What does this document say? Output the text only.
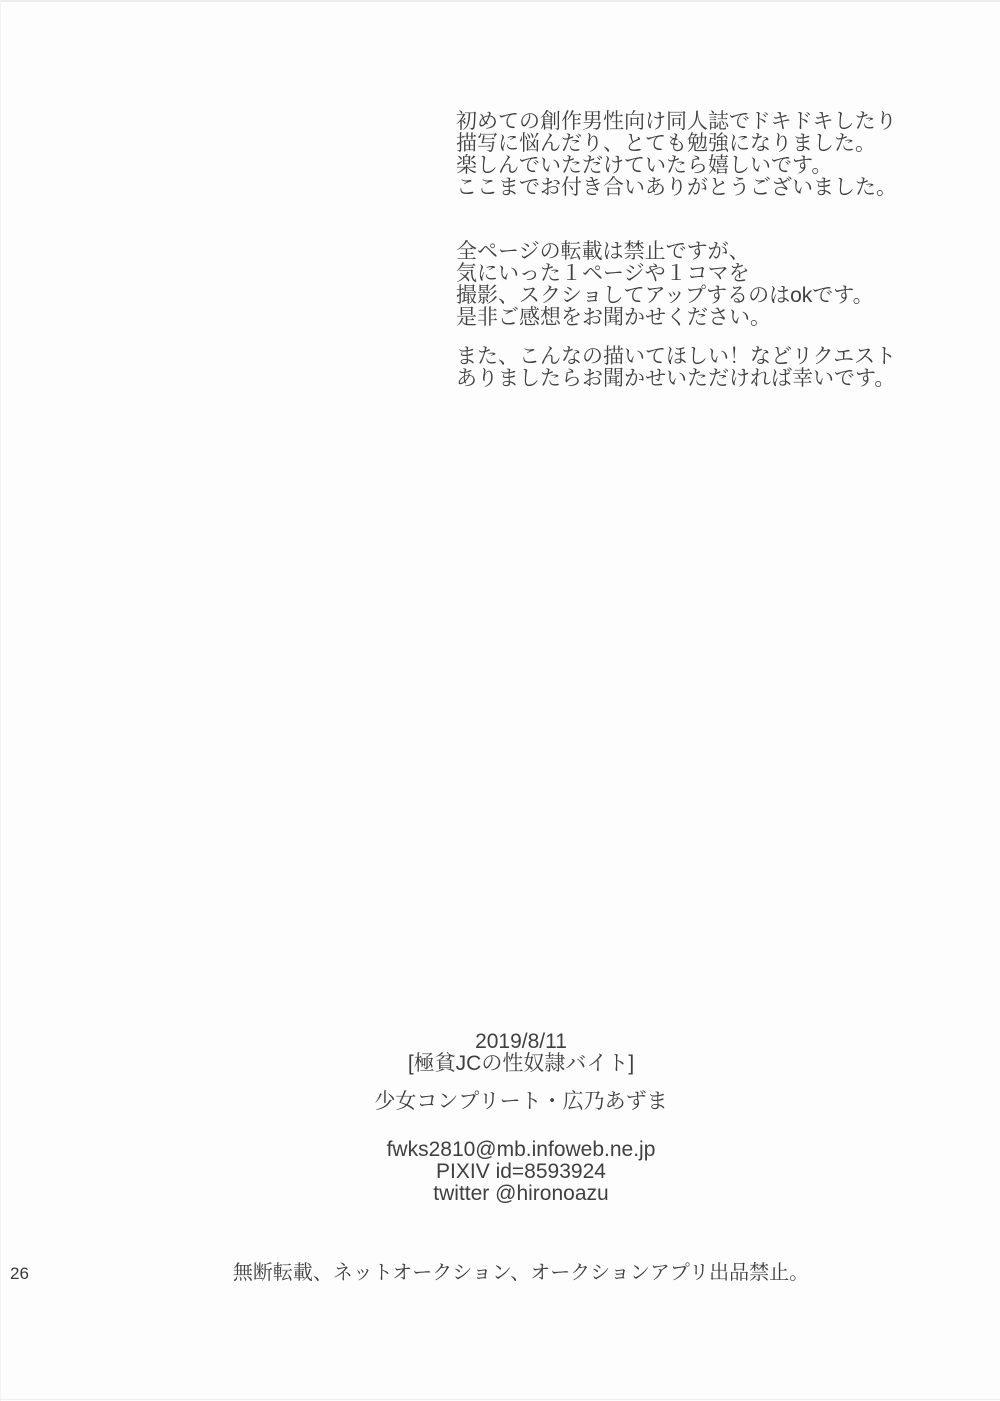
初めての創作男性向け同人誌でドキドキしたり
描写に悩んだり、とても勉強になりました。
楽しんでいただけていたら嬉しいです。
ここまでお付き合いありがとうございました。
全ページの転載は禁止ですが、
気にいった１ページや１コマを
撮影、スクショしてアップするのはokです。
是非ご感想をお聞かせください。
また、こんなの描いてほしい！などリクエスト
ありましたらお聞かせいただければ幸いです。
2019/8/11
[極貧JCの性奴隷バイト]
少女コンプリート・広乃あずま
fwks2810@mb.infoweb.ne.jp
PIXIV id=8593924
twitter @hironoazu
26	無断転載、ネットオークション、オークションアプリ出品禁止。
